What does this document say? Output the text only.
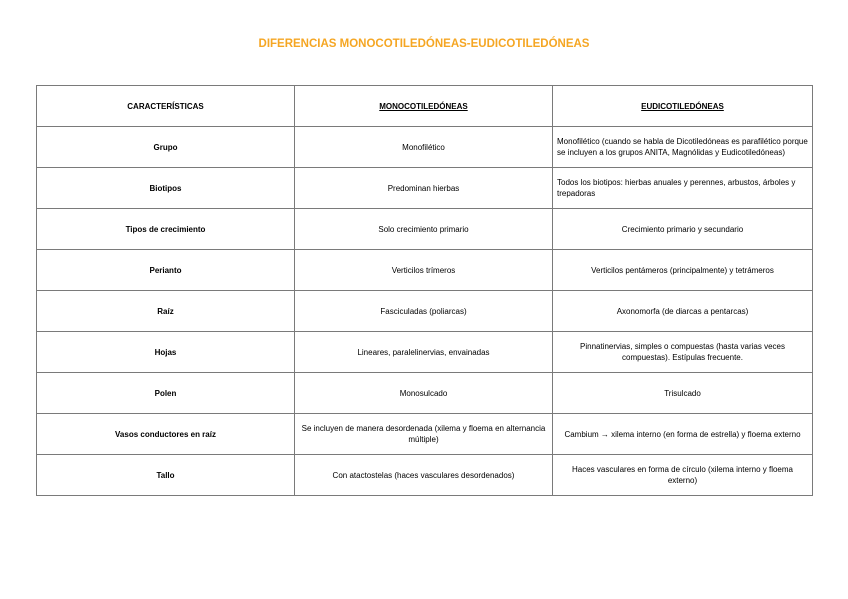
DIFERENCIAS MONOCOTILEDÓNEAS-EUDICOTILEDÓNEAS
CARACTERÍSTICAS	MONOCOTILEDÓNEAS	EUDICOTILEDÓNEAS
Grupo	Monofilético	Monofilético (cuando se habla de Dicotiledóneas es parafilético porque se incluyen a los grupos ANITA, Magnólidas y Eudicotiledóneas)
Biotipos	Predominan hierbas	Todos los biotipos: hierbas anuales y perennes, arbustos, árboles y trepadoras
Tipos de crecimiento	Solo crecimiento primario	Crecimiento primario y secundario
Perianto	Verticilos trímeros	Verticilos pentámeros (principalmente) y tetrámeros
Raíz	Fasciculadas (poliarcas)	Axonomorfa (de diarcas a pentarcas)
Hojas	Lineares, paralelinervias, envainadas	Pinnatinervias, simples o compuestas (hasta varias veces compuestas). Estípulas frecuente.
Polen	Monosulcado	Trisulcado
Vasos conductores en raíz	Se incluyen de manera desordenada (xilema y floema en alternancia múltiple)	Cambium → xilema interno (en forma de estrella) y floema externo
Tallo	Con atactostelas (haces vasculares desordenados)	Haces vasculares en forma de círculo (xilema interno y floema externo)
